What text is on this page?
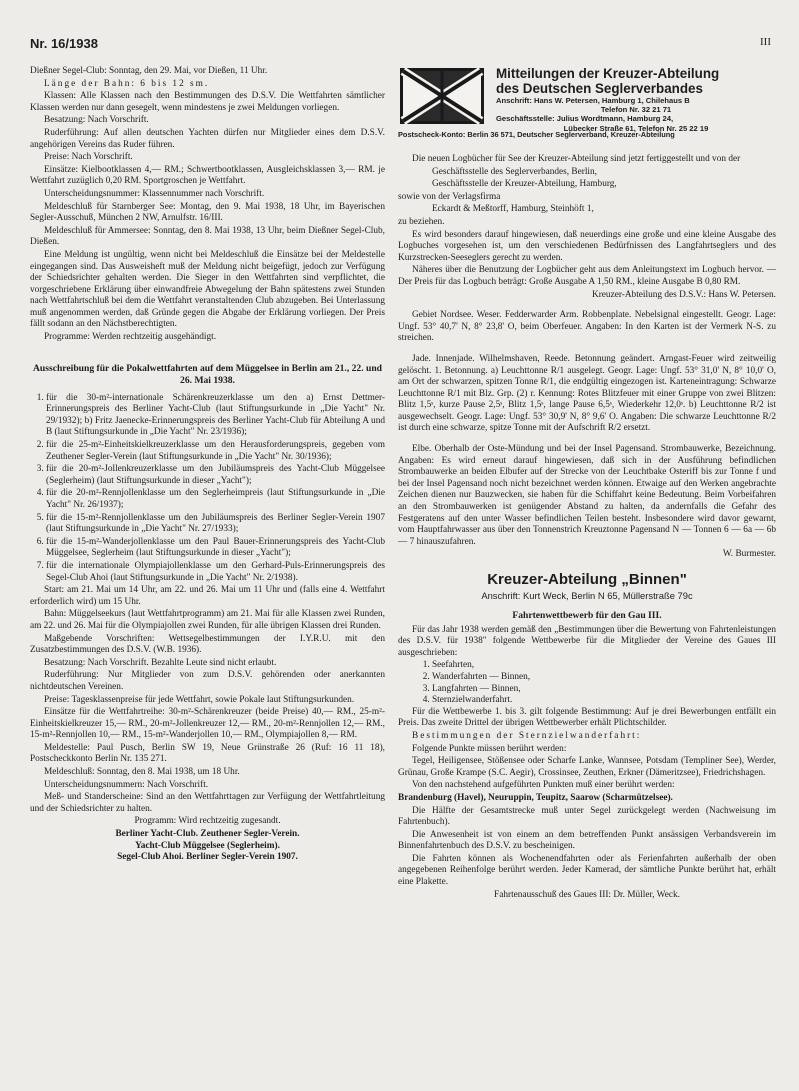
Nr. 16/1938	III

Dießner Segel-Club: Sonntag, den 29. Mai, vor Dießen, 11 Uhr.

Länge der Bahn: 6 bis 12 sm.

Klassen: Alle Klassen nach den Bestimmungen des D.S.V. Die Wettfahrten sämtlicher Klassen werden nur dann gesegelt, wenn mindestens je zwei Meldungen vorliegen.

Besatzung: Nach Vorschrift.

Ruderführung: Auf allen deutschen Yachten dürfen nur Mitglieder eines dem D.S.V. angehörigen Vereins das Ruder führen.

Preise: Nach Vorschrift.

Einsätze: Kielbootklassen 4,— RM.; Schwertbootklassen, Ausgleichsklassen 3,— RM. je Wettfahrt zuzüglich 0,20 RM. Sportgroschen je Wettfahrt.

Unterscheidungsnummer: Klassennummer nach Vorschrift.

Meldeschluß für Starnberger See: Montag, den 9. Mai 1938, 18 Uhr, im Bayerischen Segler-Ausschuß, München 2 NW, Arnulfstr. 16/III.

Meldeschluß für Ammersee: Sonntag, den 8. Mai 1938, 13 Uhr, beim Dießner Segel-Club, Dießen.

Eine Meldung ist ungültig, wenn nicht bei Meldeschluß die Einsätze bei der Meldestelle eingegangen sind. Das Ausweisheft muß der Meldung nicht beigefügt, jedoch zur Verfügung der Schiedsrichter gehalten werden. Die Sieger in den Wettfahrten sind verpflichtet, die vorgeschriebene Erklärung über einwandfreie Abwegelung der Bahn spätestens zwei Stunden nach Wettfahrtschluß bei dem die Wettfahrt veranstaltenden Club abzugeben. Bei Unterlassung muß angenommen werden, daß Gründe gegen die Abgabe der Erklärung vorliegen. Der Preis fällt sodann an den Nächstberechtigten.

Programme: Werden rechtzeitig ausgehändigt.

Ausschreibung für die Pokalwettfahrten auf dem Müggelsee in Berlin am 21., 22. und 26. Mai 1938.
1. für die 30-m²-internationale Schärenkreuzerklasse um den a) Ernst Dettmer-Erinnerungspreis des Berliner Yacht-Club (laut Stiftungsurkunde in „Die Yacht" Nr. 29/1932); b) Fritz Jaenecke-Erinnerungspreis des Berliner Yacht-Club für Abteilung A und B (laut Stiftungsurkunde in „Die Yacht" Nr. 23/1936);
2. für die 25-m²-Einheitskielkreuzerklasse um den Herausforderungspreis, gegeben vom Zeuthener Segler-Verein (laut Stiftungsurkunde in „Die Yacht" Nr. 30/1936);
3. für die 20-m²-Jollenkreuzerklasse um den Jubiläumspreis des Yacht-Club Müggelsee (Seglerheim) (laut Stiftungsurkunde in dieser „Yacht");
4. für die 20-m²-Rennjollenklasse um den Seglerheimpreis (laut Stiftungsurkunde in „Die Yacht" Nr. 26/1937);
5. für die 15-m²-Rennjollenklasse um den Jubiläumspreis des Berliner Segler-Verein 1907 (laut Stiftungsurkunde in „Die Yacht" Nr. 27/1933);
6. für die 15-m²-Wanderjollenklasse um den Paul Bauer-Erinnerungspreis des Yacht-Club Müggelsee, Seglerheim (laut Stiftungsurkunde in dieser „Yacht");
7. für die internationale Olympiajollenklasse um den Gerhard-Puls-Erinnerungspreis des Segel-Club Ahoi (laut Stiftungsurkunde in „Die Yacht" Nr. 2/1938).

Start: am 21. Mai um 14 Uhr, am 22. und 26. Mai um 11 Uhr und (falls eine 4. Wettfahrt erforderlich wird) um 15 Uhr.

Bahn: Müggelseekurs (laut Wettfahrtprogramm) am 21. Mai für alle Klassen zwei Runden, am 22. und 26. Mai für die Olympiajollen zwei Runden, für alle übrigen Klassen drei Runden.

Maßgebende Vorschriften: Wettsegelbestimmungen der I.Y.R.U. mit den Zusatzbestimmungen des D.S.V. (W.B. 1936).

Besatzung: Nach Vorschrift. Bezahlte Leute sind nicht erlaubt.

Ruderführung: Nur Mitglieder von zum D.S.V. gehörenden oder anerkannten nichtdeutschen Vereinen.

Preise: Tagesklassenpreise für jede Wettfahrt, sowie Pokale laut Stiftungsurkunden.

Einsätze für die Wettfahrtreihe: 30-m²-Schärenkreuzer (beide Preise) 40,— RM., 25-m²-Einheitskielkreuzer 15,— RM., 20-m²-Jollenkreuzer 12,— RM., 20-m²-Rennjollen 12,— RM., 15-m²-Rennjollen 10,— RM., 15-m²-Wanderjollen 10,— RM., Olympiajollen 8,— RM.

Meldestelle: Paul Pusch, Berlin SW 19, Neue Grünstraße 26 (Ruf: 16 11 18), Postscheckkonto Berlin Nr. 135 271.

Meldeschluß: Sonntag, den 8. Mai 1938, um 18 Uhr.

Unterscheidungsnummern: Nach Vorschrift.

Meß- und Standerscheine: Sind an den Wettfahrttagen zur Verfügung der Wettfahrtleitung und der Schiedsrichter zu halten.

Programm: Wird rechtzeitig zugesandt.

Berliner Yacht-Club. Zeuthener Segler-Verein.

Yacht-Club Müggelsee (Seglerheim).

Segel-Club Ahoi. Berliner Segler-Verein 1907.

Mitteilungen der Kreuzer-Abteilung
des Deutschen Seglerverbandes
Anschrift: Hans W. Petersen, Hamburg 1, Chilehaus B
Telefon Nr. 32 21 71
Geschäftsstelle: Julius Wordtmann, Hamburg 24,
Lübecker Straße 61, Telefon Nr. 25 22 19
Postscheck-Konto: Berlin 36 571, Deutscher Seglerverband, Kreuzer-Abteilung

Die neuen Logbücher für See der Kreuzer-Abteilung sind jetzt fertiggestellt und von der

Geschäftsstelle des Seglerverbandes, Berlin,

Geschäftsstelle der Kreuzer-Abteilung, Hamburg,

sowie von der Verlagsfirma

Eckardt & Meßtorff, Hamburg, Steinhöft 1,

zu beziehen.

Es wird besonders darauf hingewiesen, daß neuerdings eine große und eine kleine Ausgabe des Logbuches vorgesehen ist, um den verschiedenen Bedürfnissen des Langfahrtseglers und des Kurzstrecken-Seeseglers gerecht zu werden.

Näheres über die Benutzung der Logbücher geht aus dem Anleitungstext im Logbuch hervor. — Der Preis für das Logbuch beträgt: Große Ausgabe A 1,50 RM., kleine Ausgabe B 0,80 RM.

Kreuzer-Abteilung des D.S.V.: Hans W. Petersen.

Gebiet Nordsee. Weser. Fedderwarder Arm. Robbenplate. Nebelsignal eingestellt. Geogr. Lage: Ungf. 53° 40,7' N, 8° 23,8' O, beim Oberfeuer. Angaben: In den Karten ist der Vermerk N-S. zu streichen.

Jade. Innenjade. Wilhelmshaven, Reede. Betonnung geändert. Arngast-Feuer wird zeitweilig gelöscht. 1. Betonnung. a) Leuchttonne R/1 ausgelegt. Geogr. Lage: Ungf. 53° 31,0' N, 8° 10,0' O, am Ort der schwarzen, spitzen Tonne R/1, die endgültig eingezogen ist. Karteneintragung: Schwarze Leuchttonne R/1 mit Blz. Grp. (2) r. Kennung: Rotes Blitzfeuer mit einer Gruppe von zwei Blitzen: Blitz 1,5ˢ, kurze Pause 2,5ˢ, Blitz 1,5ˢ, lange Pause 6,5ˢ, Wiederkehr 12,0ˢ. b) Leuchttonne R/2 ist ausgewechselt. Geogr. Lage: Ungf. 53° 30,9' N, 8° 9,6' O. Angaben: Die schwarze Leuchttonne R/2 ist durch eine schwarze, spitze Tonne mit der Aufschrift R/2 ersetzt.

Elbe. Oberhalb der Oste-Mündung und bei der Insel Pagensand. Strombauwerke, Bezeichnung. Angaben: Es wird erneut darauf hingewiesen, daß sich in der Ausführung befindlichen Strombauwerke an beiden Elbufer auf der Strecke von der Leuchtbake Osteriff bis zur Tonne f und bei der Insel Pagensand noch nicht bezeichnet werden können. Etwaige auf den Werken angebrachte Zeichen dienen nur Bauzwecken, sie haben für die Schiffahrt keine Bedeutung. Beim Vorbeifahren an den Strombauwerken ist genügender Abstand zu halten, da andernfalls die Gefahr des Festgeratens auf den unter Wasser befindlichen Teilen besteht. Insbesondere wird davor gewarnt, vom Hauptfahrwasser aus über den Tonnenstrich Kreuztonne Pagensand N — Tonnen 6 — 6a — 6b — 7 hinauszufahren.

W. Burmester.

Kreuzer-Abteilung „Binnen"
Anschrift: Kurt Weck, Berlin N 65, Müllerstraße 79c
Fahrtenwettbewerb für den Gau III.

Für das Jahr 1938 werden gemäß den „Bestimmungen über die Bewertung von Fahrtenleistungen des D.S.V. für 1938" folgende Wettbewerbe für die Mitglieder der Vereine des Gaues III ausgeschrieben:

1. Seefahrten,
2. Wanderfahrten — Binnen,
3. Langfahrten — Binnen,
4. Sternzielwanderfahrt.

Für die Wettbewerbe 1. bis 3. gilt folgende Bestimmung: Auf je drei Bewerbungen entfällt ein Preis. Das zweite Drittel der übrigen Wettbewerber erhält Plichtschilder.

Bestimmungen der Sternzielwanderfahrt:

Folgende Punkte müssen berührt werden:

Tegel, Heiligensee, Stößensee oder Scharfe Lanke, Wannsee, Potsdam (Templiner See), Werder, Grünau, Große Krampe (S.C. Aegir), Crossinsee, Zeuthen, Erkner (Dämeritzsee), Friedrichshagen.

Von den nachstehend aufgeführten Punkten muß einer berührt werden:

Brandenburg (Havel), Neuruppin, Teupitz, Saarow (Scharmützelsee).

Die Hälfte der Gesamtstrecke muß unter Segel zurückgelegt werden (Nachweisung im Fahrtenbuch).

Die Anwesenheit ist von einem an dem betreffenden Punkt ansässigen Verbandsverein im Binnenfahrtenbuch des D.S.V. zu bescheinigen.

Die Fahrten können als Wochenendfahrten oder als Ferienfahrten außerhalb der oben angegebenen Reihenfolge berührt werden. Jeder Kamerad, der sämtliche Punkte berührt hat, erhält eine Plakette.

Fahrtenausschuß des Gaues III: Dr. Müller, Weck.
